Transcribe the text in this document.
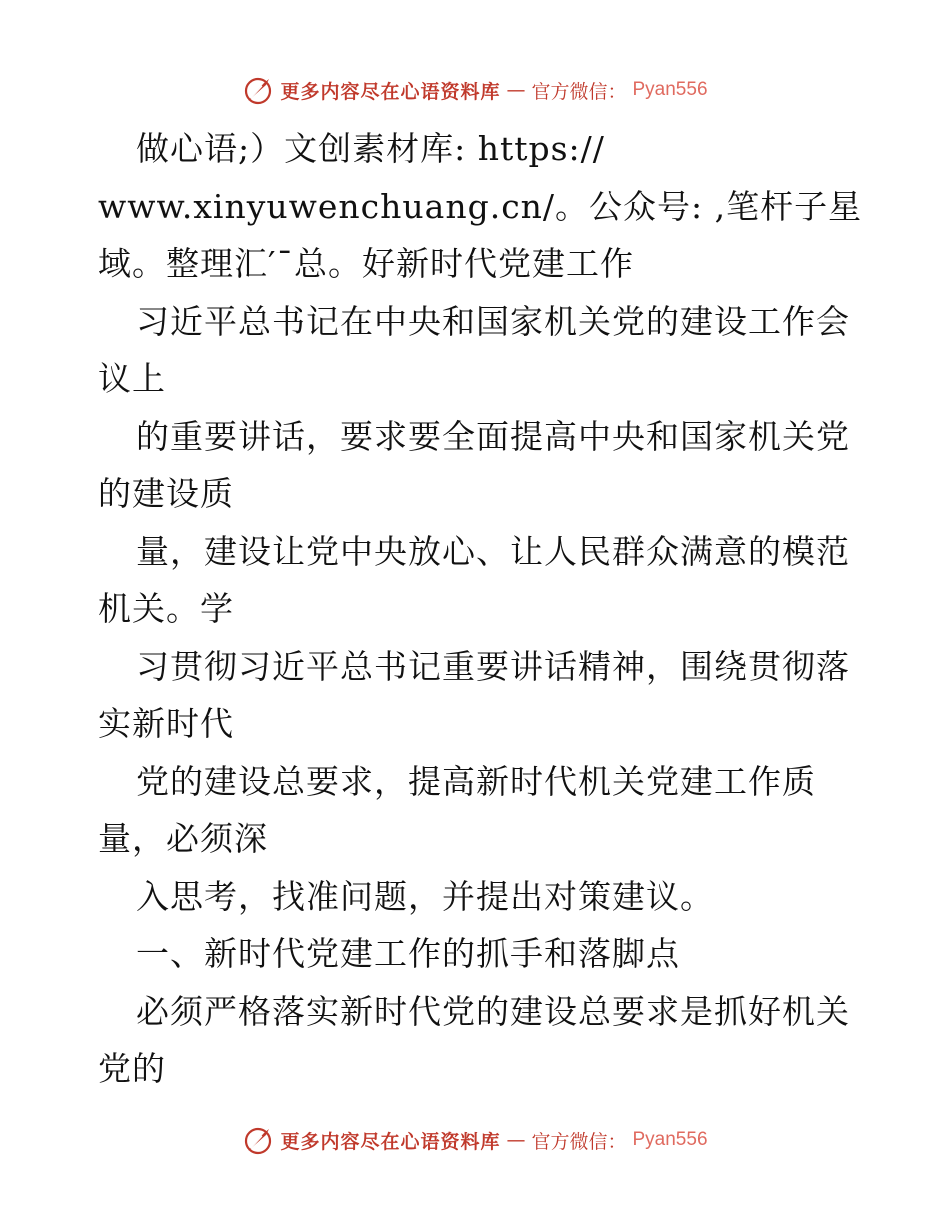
更多内容尽在心语资料库 — 官方微信： Pyan556
做心语;）文创素材库: https://
www.xinyuwenchuang.cn/。公众号: ,笔杆子星
域。整理汇′¯总。好新时代党建工作
习近平总书记在中央和国家机关党的建设工作会
议上
的重要讲话，要求要全面提高中央和国家机关党
的建设质
量，建设让党中央放心、让人民群众满意的模范
机关。学
习贯彻习近平总书记重要讲话精神，围绕贯彻落
实新时代
党的建设总要求，提高新时代机关党建工作质
量，必须深
入思考，找准问题，并提出对策建议。
一、新时代党建工作的抓手和落脚点
必须严格落实新时代党的建设总要求是抓好机关
党的
更多内容尽在心语资料库 — 官方微信： Pyan556
